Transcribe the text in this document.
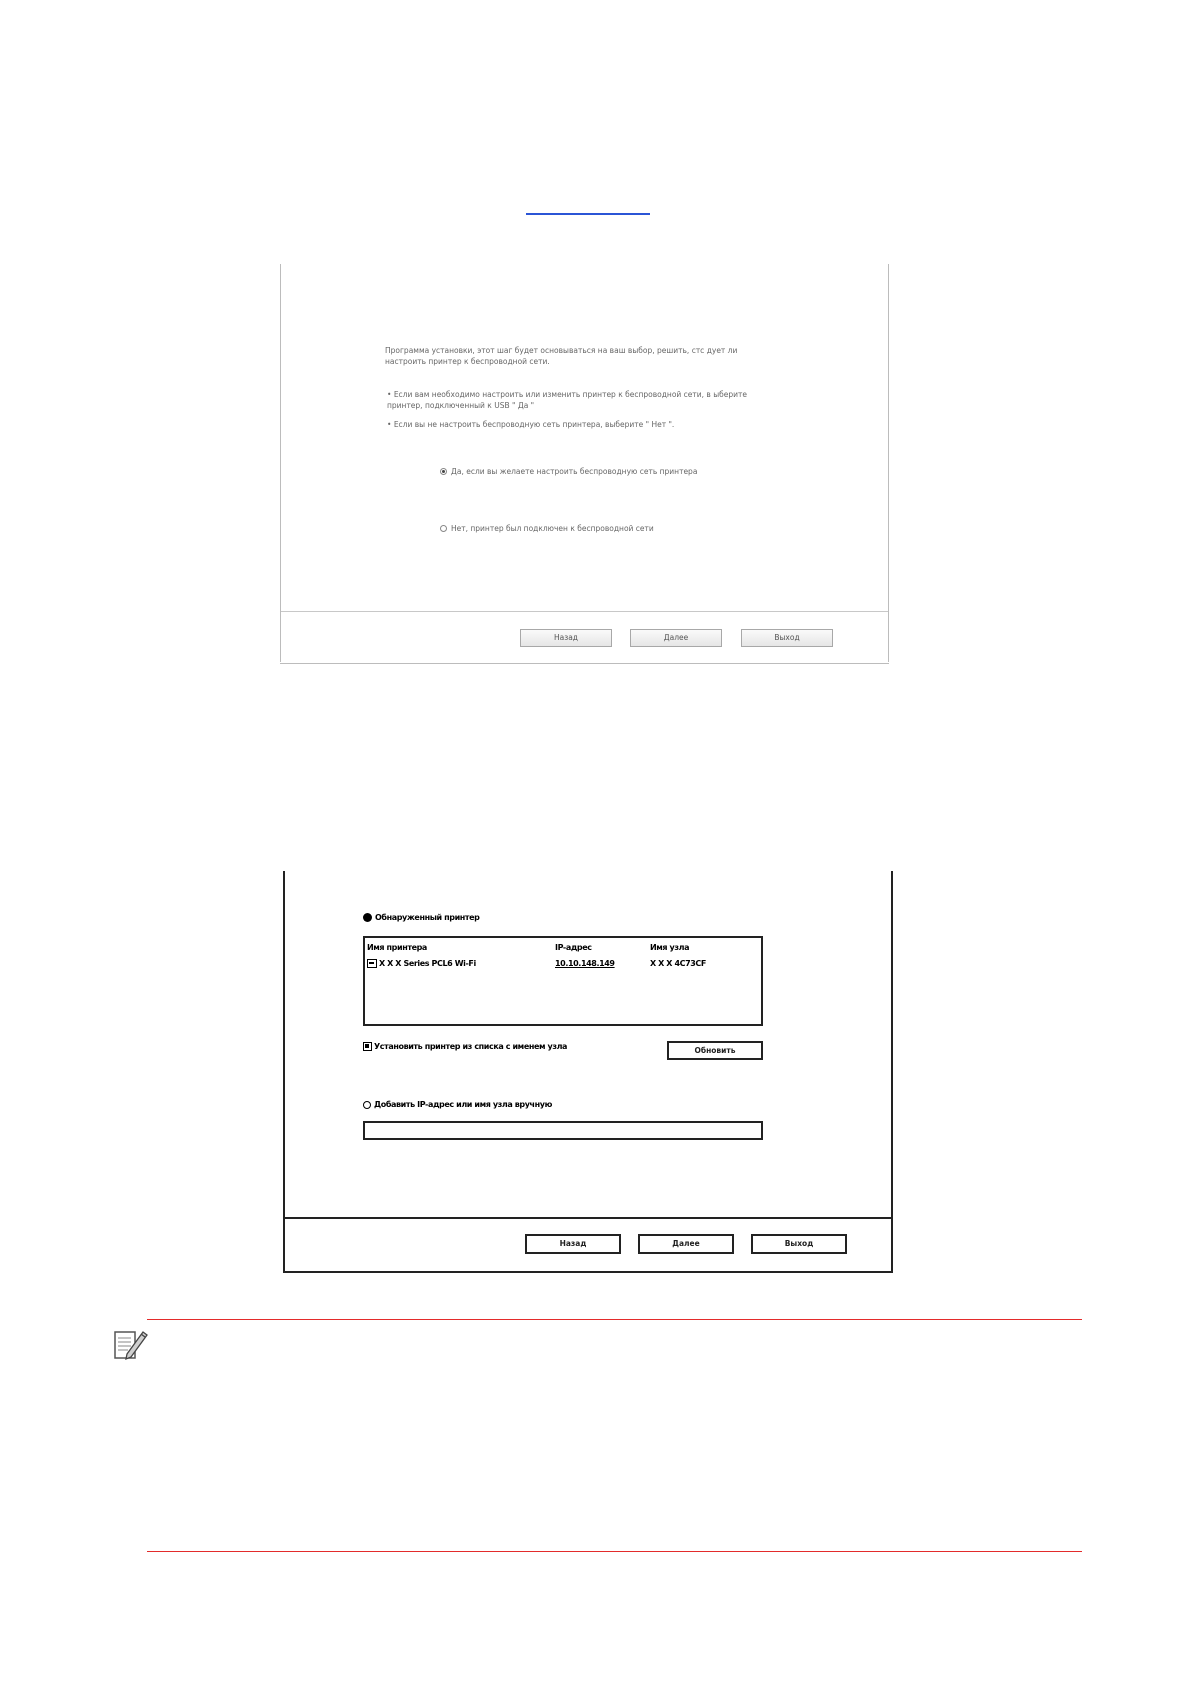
Программа установки, этот шаг будет основываться на ваш выбор, решить, стс дует ли настроить принтер к беспроводной сети.
• Если вам необходимо настроить или изменить принтер к беспроводной сети, в ыберите принтер, подключенный к USB " Да "
• Если вы не настроить беспроводную сеть принтера, выберите " Нет ".
Да, если вы желаете настроить беспроводную сеть принтера
Нет, принтер был подключен к беспроводной сети
Назад	Далее	Выход
Обнаруженный принтер
Имя принтера	IP-адрес	Имя узла
X X X Series PCL6 Wi-Fi	10.10.148.149	X X X 4C73CF
Установить принтер из списка с именем узла	Обновить
Добавить IP-адрес или имя узла вручную
Назад	Далее	Выход
